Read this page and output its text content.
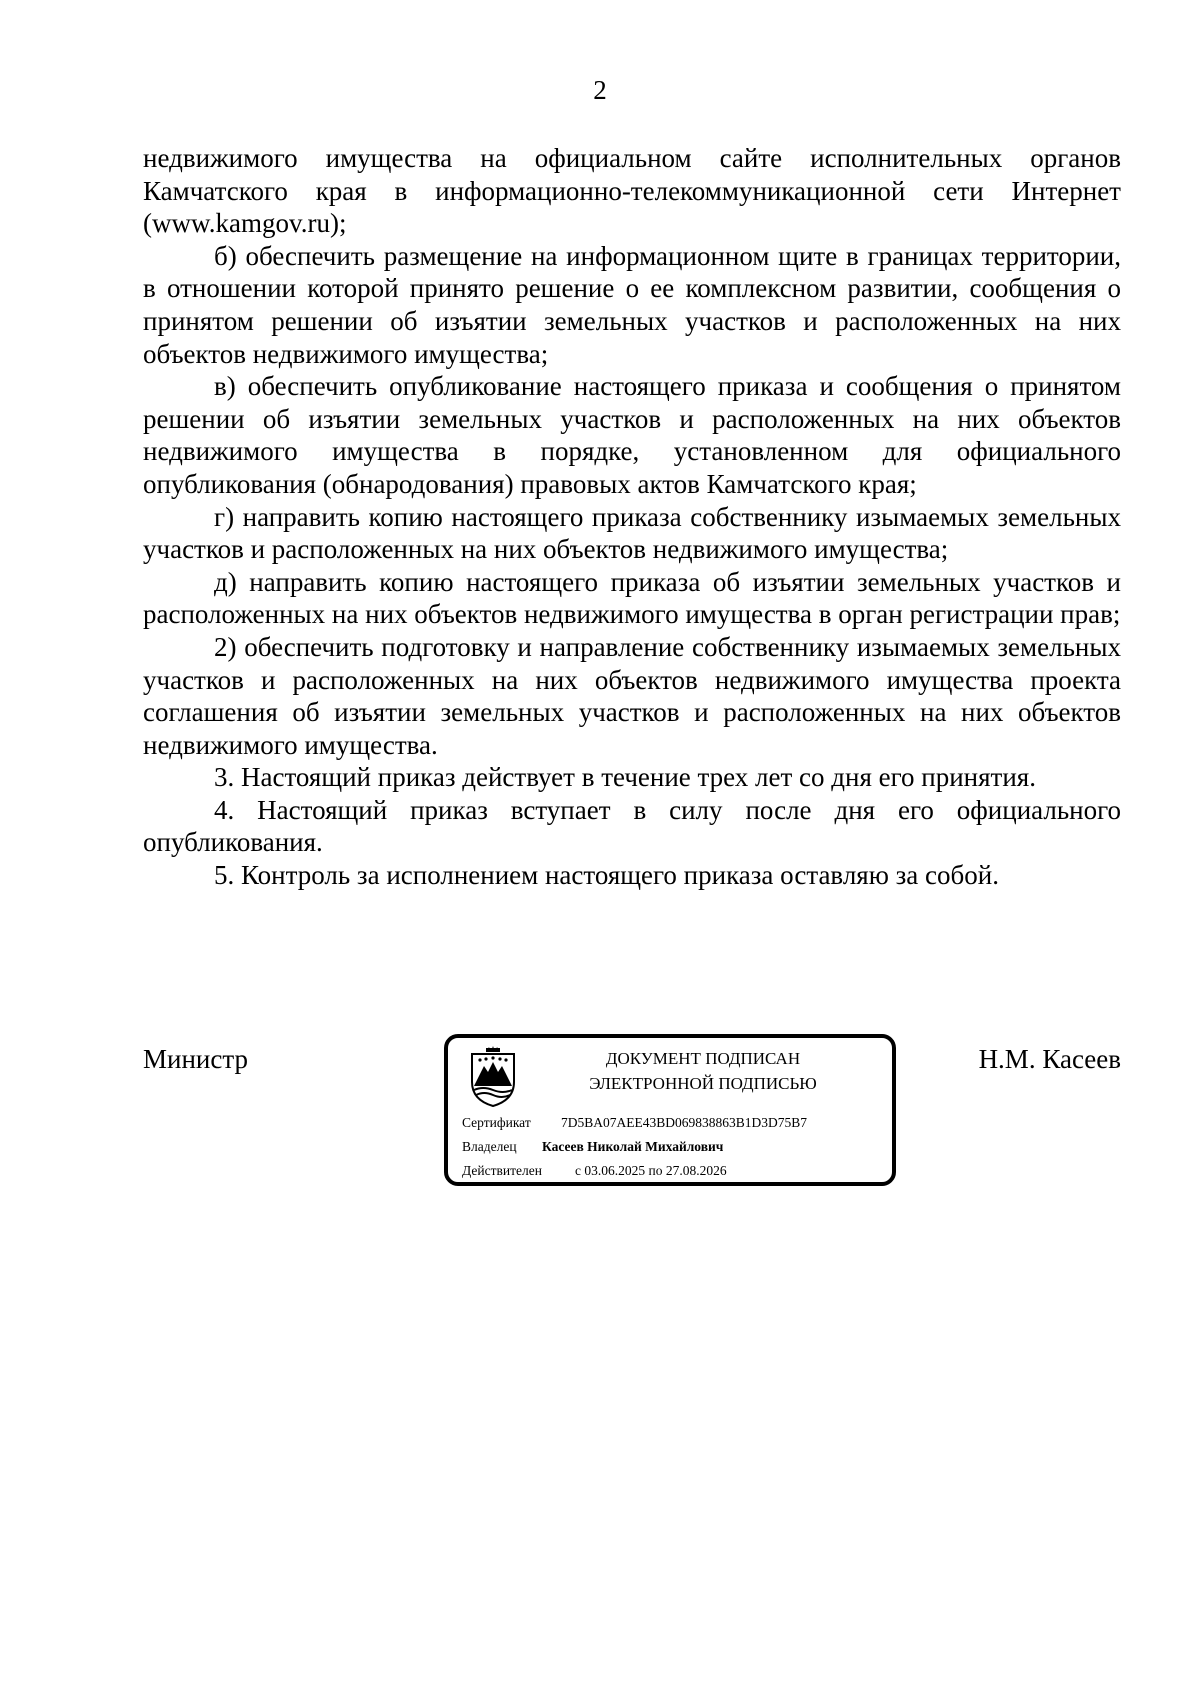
2

недвижимого имущества на официальном сайте исполнительных органов Камчатского края в информационно-телекоммуникационной сети Интернет (www.kamgov.ru);

б) обеспечить размещение на информационном щите в границах территории, в отношении которой принято решение о ее комплексном развитии, сообщения о принятом решении об изъятии земельных участков и расположенных на них объектов недвижимого имущества;

в) обеспечить опубликование настоящего приказа и сообщения о принятом решении об изъятии земельных участков и расположенных на них объектов недвижимого имущества в порядке, установленном для официального опубликования (обнародования) правовых актов Камчатского края;

г) направить копию настоящего приказа собственнику изымаемых земельных участков и расположенных на них объектов недвижимого имущества;

д) направить копию настоящего приказа об изъятии земельных участков и расположенных на них объектов недвижимого имущества в орган регистрации прав;

2) обеспечить подготовку и направление собственнику изымаемых земельных участков и расположенных на них объектов недвижимого имущества проекта соглашения об изъятии земельных участков и расположенных на них объектов недвижимого имущества.

3. Настоящий приказ действует в течение трех лет со дня его принятия.

4. Настоящий приказ вступает в силу после дня его официального опубликования.

5. Контроль за исполнением настоящего приказа оставляю за собой.

Министр	ДОКУМЕНТ ПОДПИСАН
ЭЛЕКТРОННОЙ ПОДПИСЬЮ
Сертификат 7D5BA07AEE43BD069838863B1D3D75B7
Владелец Касеев Николай Михайлович
Действителен с 03.06.2025 по 27.08.2026
Н.М. Касеев
